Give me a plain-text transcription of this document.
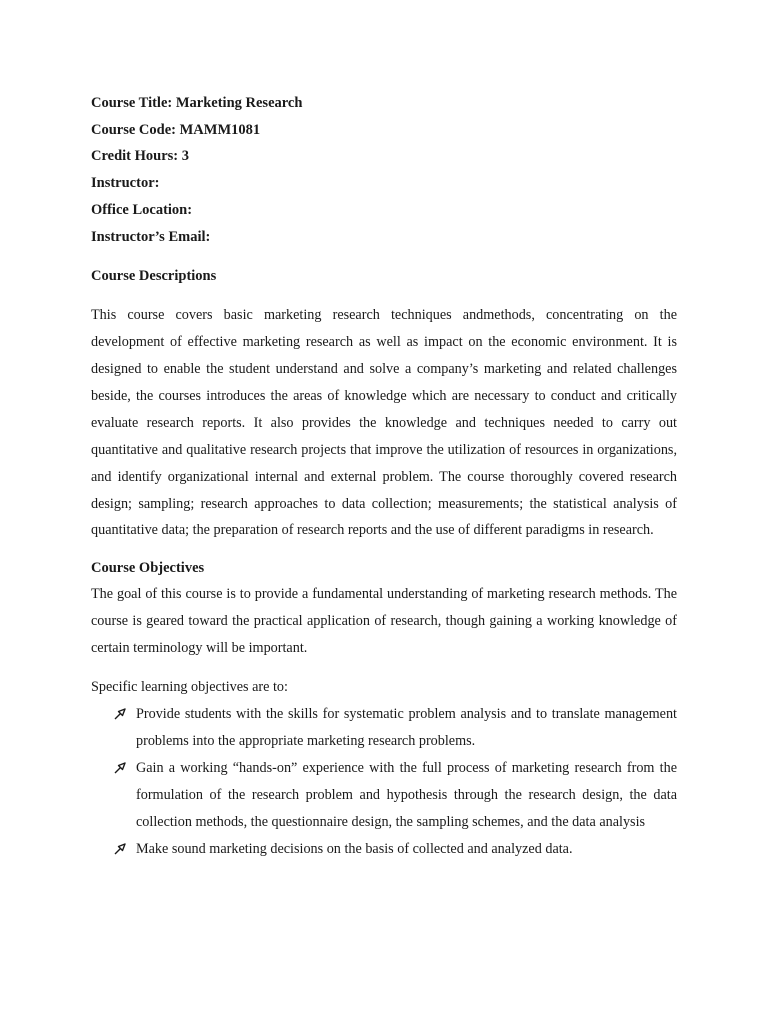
Course Title: Marketing Research

Course Code: MAMM1081

Credit Hours: 3

Instructor:

Office Location:

Instructor’s Email:

Course Descriptions

This course covers basic marketing research techniques andmethods, concentrating on the development of effective marketing research as well as impact on the economic environment. It is designed to enable the student understand and solve a company’s marketing and related challenges beside, the courses introduces the areas of knowledge which are necessary to conduct and critically evaluate research reports. It also provides the knowledge and techniques needed to carry out quantitative and qualitative research projects that improve the utilization of resources in organizations, and identify organizational internal and external problem. The course thoroughly covered research design; sampling; research approaches to data collection; measurements; the statistical analysis of quantitative data; the preparation of research reports and the use of different paradigms in research.

Course Objectives

The goal of this course is to provide a fundamental understanding of marketing research methods. The course is geared toward the practical application of research, though gaining a working knowledge of certain terminology will be important.

Specific learning objectives are to:

Provide students with the skills for systematic problem analysis and to translate management problems into the appropriate marketing research problems.
Gain a working “hands-on” experience with the full process of marketing research from the formulation of the research problem and hypothesis through the research design, the data collection methods, the questionnaire design, the sampling schemes, and the data analysis
Make sound marketing decisions on the basis of collected and analyzed data.
